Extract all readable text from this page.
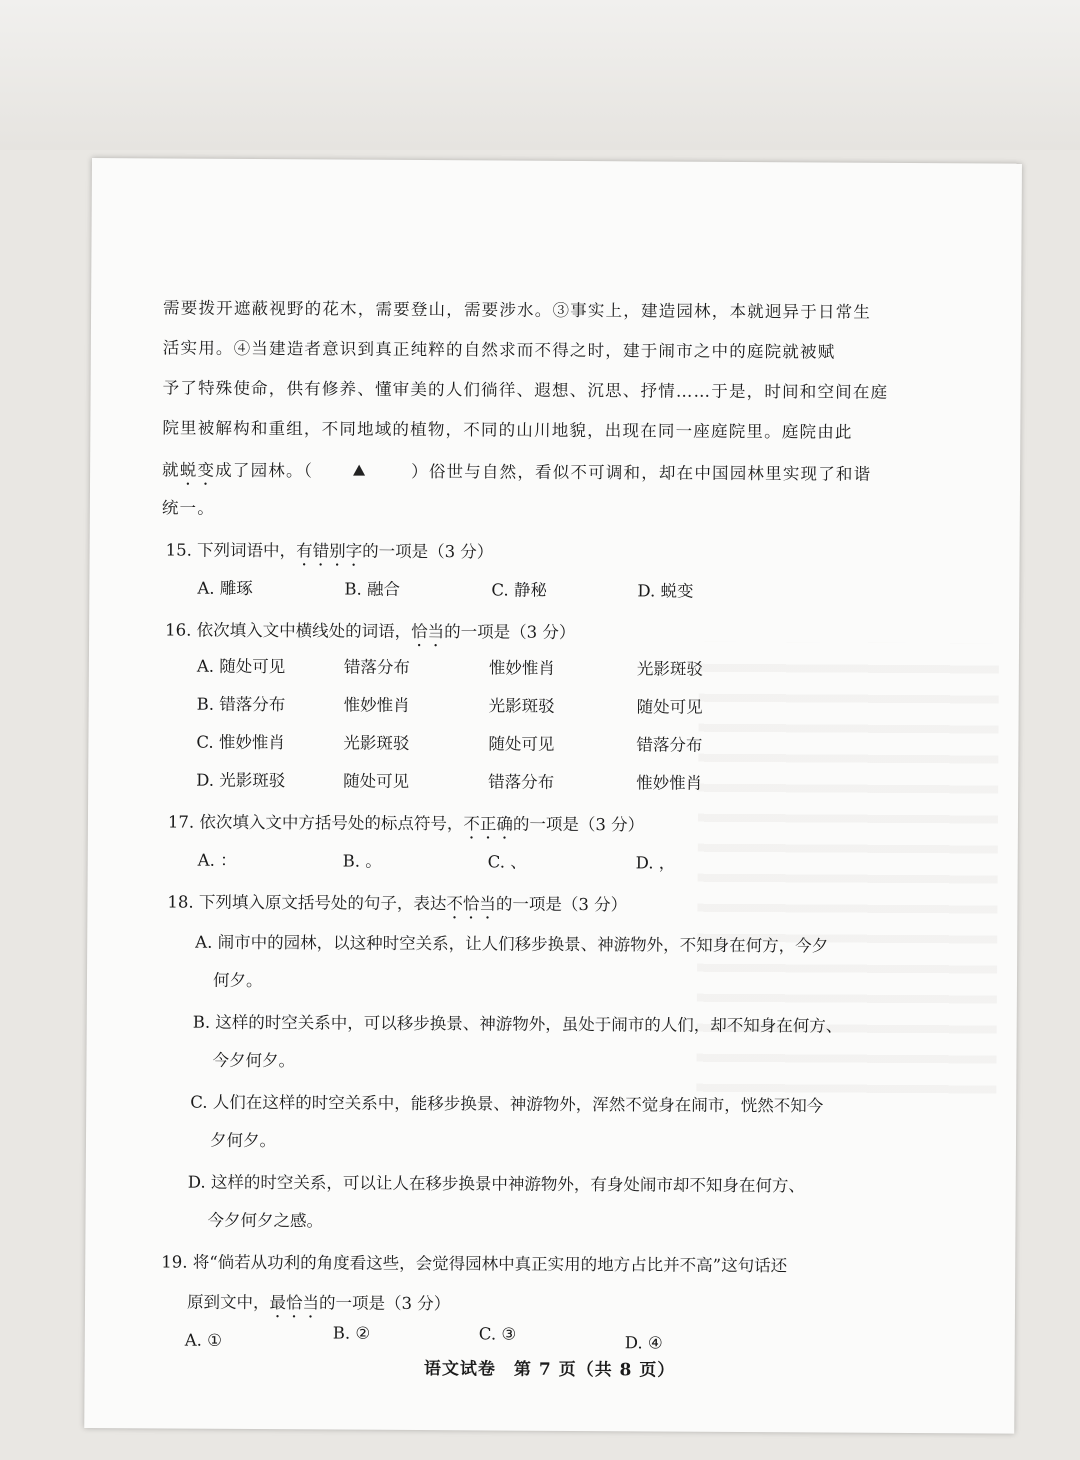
需要拨开遮蔽视野的花木，需要登山，需要涉水。③事实上，建造园林，本就迥异于日常生
活实用。④当建造者意识到真正纯粹的自然求而不得之时，建于闹市之中的庭院就被赋
予了特殊使命，供有修养、懂审美的人们徜徉、遐想、沉思、抒情……于是，时间和空间在庭
院里被解构和重组，不同地域的植物，不同的山川地貌，出现在同一座庭院里。庭院由此
就蜕变成了园林。（	）俗世与自然，看似不可调和，却在中国园林里实现了和谐
统一。
15. 下列词语中，有错别字的一项是（3 分）
A. 雕琢	B. 融合	C. 静秘	D. 蜕变
16. 依次填入文中横线处的词语，恰当的一项是（3 分）
A. 随处可见	错落分布	惟妙惟肖	光影斑驳
B. 错落分布	惟妙惟肖	光影斑驳	随处可见
C. 惟妙惟肖	光影斑驳	随处可见	错落分布
D. 光影斑驳	随处可见	错落分布	惟妙惟肖
17. 依次填入文中方括号处的标点符号，不正确的一项是（3 分）
A. ：	B. 。	C. 、	D. ，
18. 下列填入原文括号处的句子，表达不恰当的一项是（3 分）
A. 闹市中的园林，以这种时空关系，让人们移步换景、神游物外，不知身在何方，今夕
何夕。
B. 这样的时空关系中，可以移步换景、神游物外，虽处于闹市的人们，却不知身在何方、
今夕何夕。
C. 人们在这样的时空关系中，能移步换景、神游物外，浑然不觉身在闹市，恍然不知今
夕何夕。
D. 这样的时空关系，可以让人在移步换景中神游物外，有身处闹市却不知身在何方、
今夕何夕之感。
19. 将“倘若从功利的角度看这些，会觉得园林中真正实用的地方占比并不高”这句话还
原到文中，最恰当的一项是（3 分）
A. ①	B. ②	C. ③	D. ④
语文试卷　第 7 页（共 8 页）
